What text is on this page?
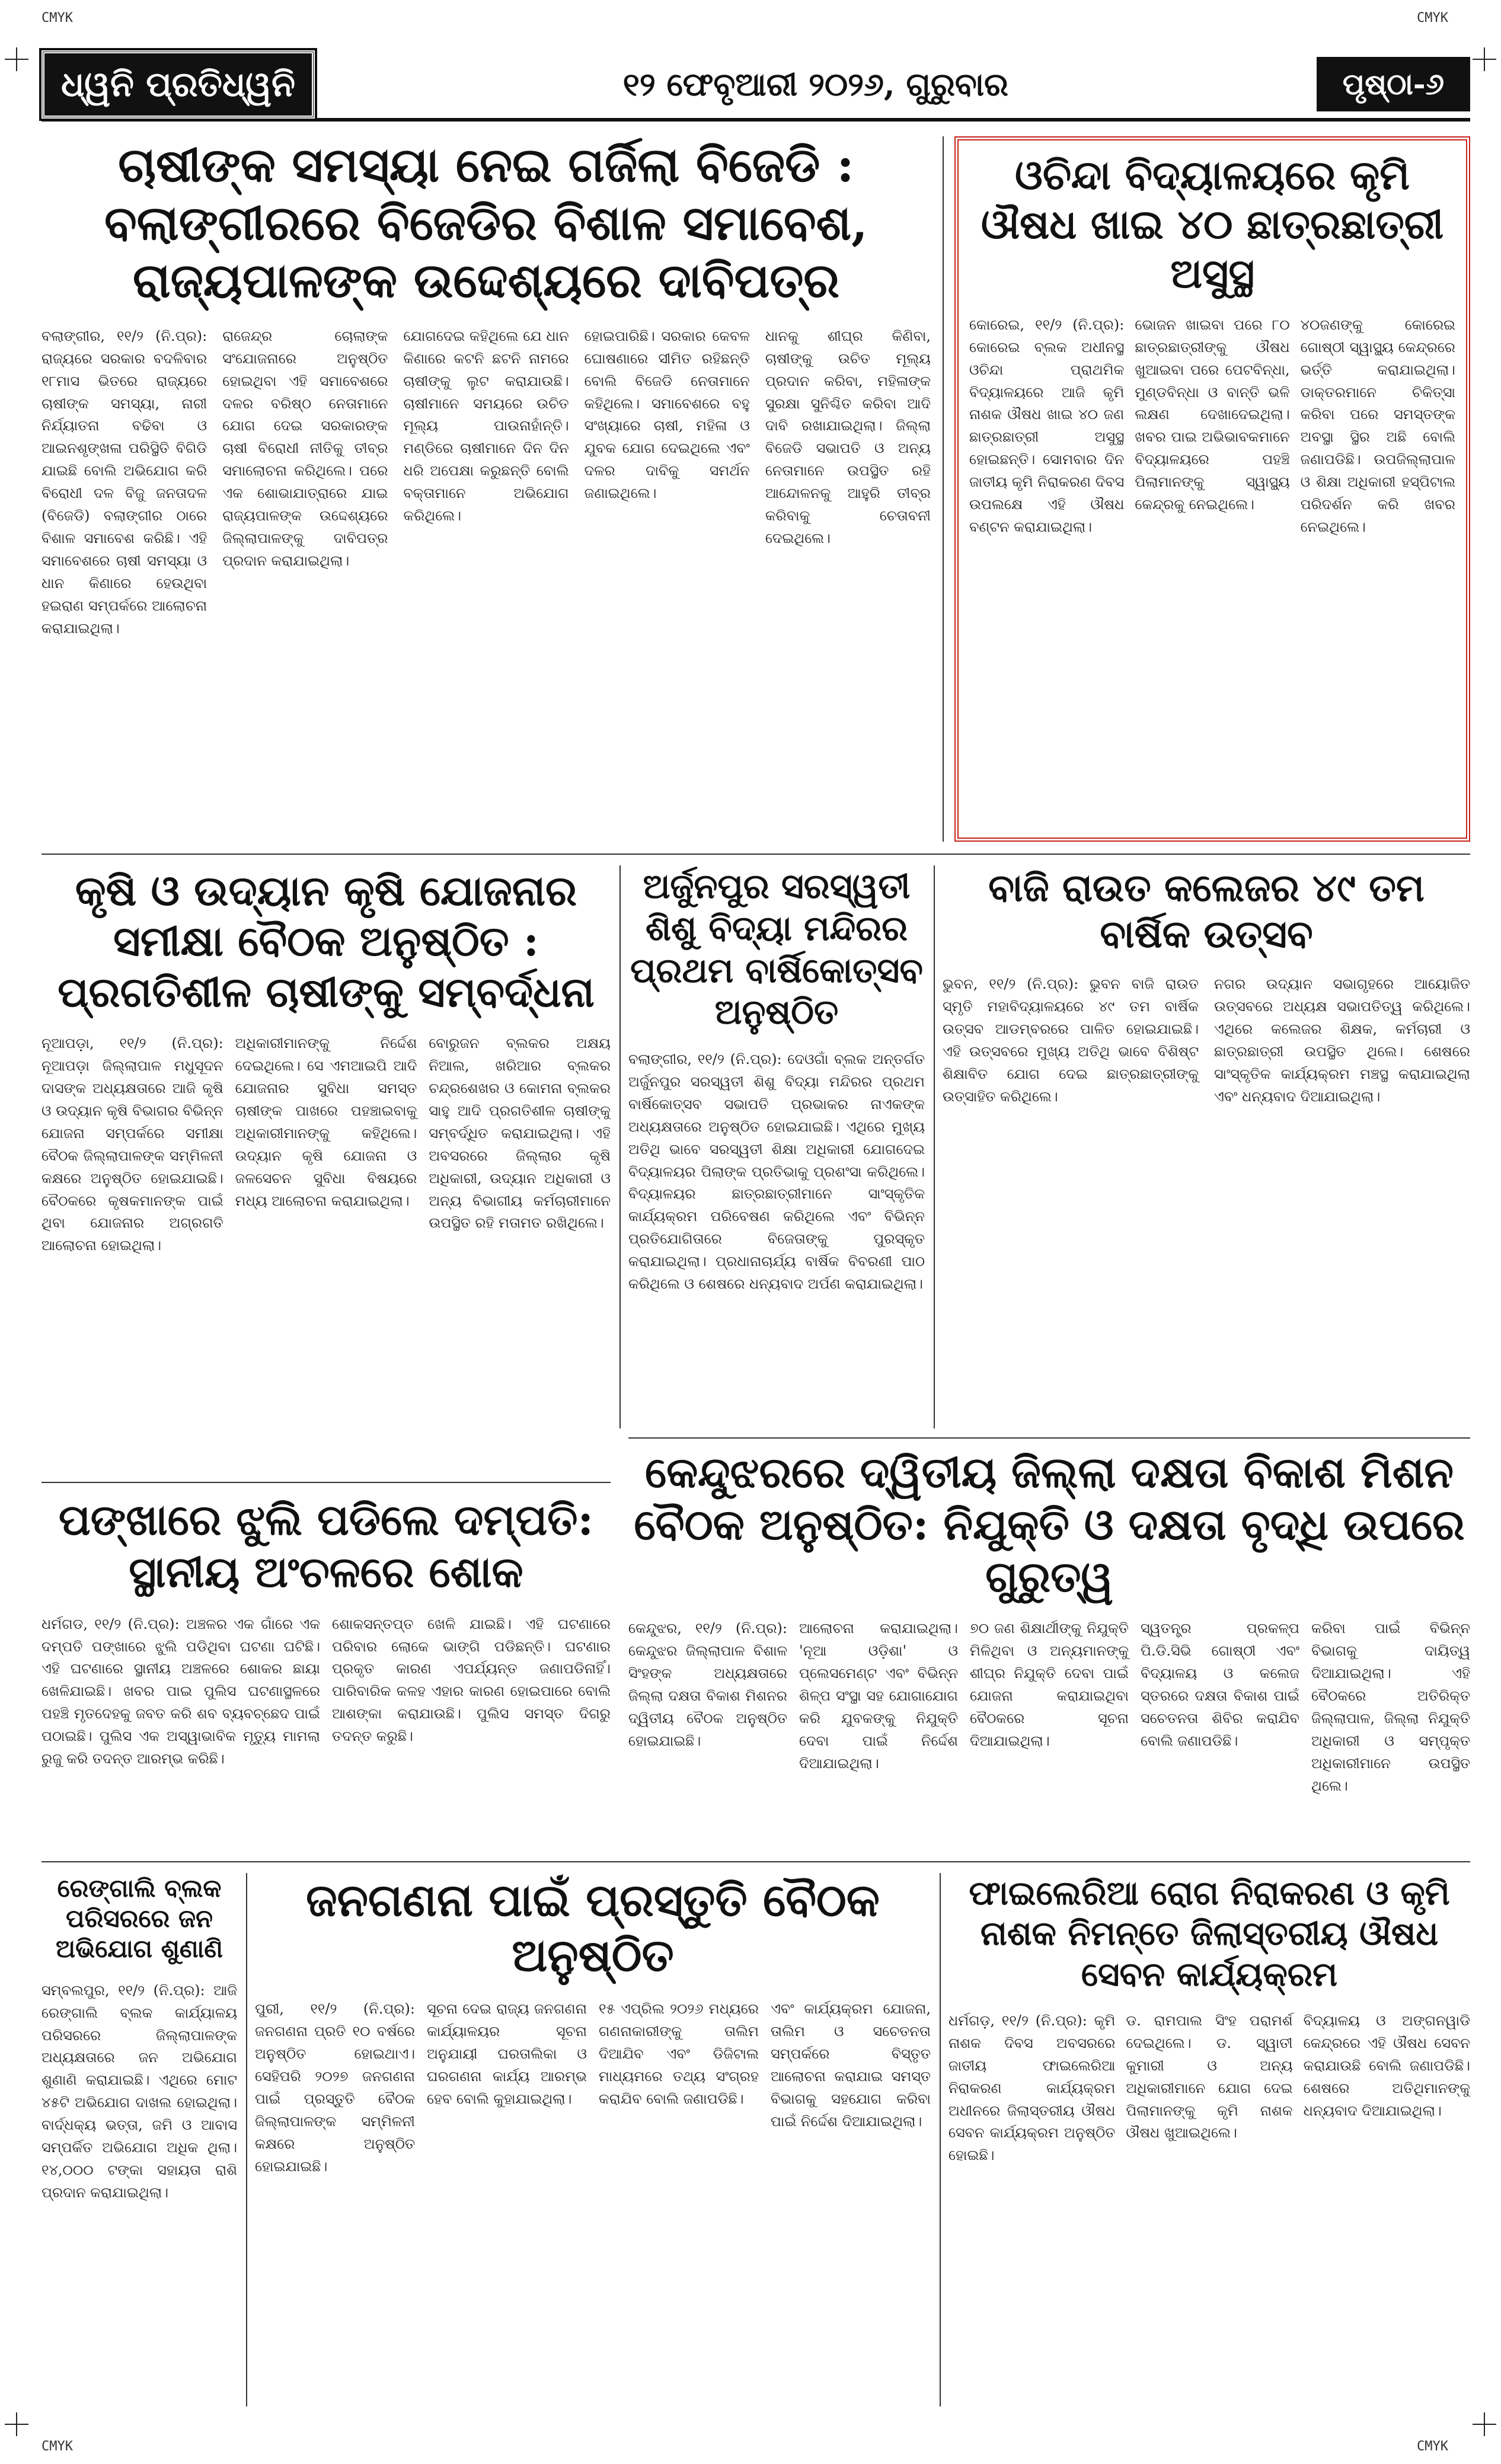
CMYK	CMYK
CMYK	CMYK
ଧ୍ୱନି ପ୍ରତିଧ୍ୱନି	୧୨ ଫେବୃଆରୀ ୨୦୨୬, ଗୁରୁବାର	ପୃଷ୍ଠା-୬
ଚାଷୀଙ୍କ ସମସ୍ୟା ନେଇ ଗର୍ଜିଲା ବିଜେଡି : ବଲାଙ୍ଗୀରରେ ବିଜେଡିର ବିଶାଳ ସମାବେଶ, ରାଜ୍ୟପାଳଙ୍କ ଉଦ୍ଦେଶ୍ୟରେ ଦାବିପତ୍ର
ବଲାଙ୍ଗୀର, ୧୧/୨ (ନି.ପ୍ର): ରାଜ୍ୟରେ ସରକାର ବଦଳିବାର ୧୮ମାସ ଭିତରେ ରାଜ୍ୟରେ ଚାଷୀଙ୍କ ସମସ୍ୟା, ନାରୀ ନିର୍ଯ୍ୟାତନା ବଢିବା ଓ ଆଇନଶୃଙ୍ଖଳା ପରିସ୍ଥିତି ବିଗିଡି ଯାଇଛି ବୋଲି ଅଭିଯୋଗ କରି ବିରୋଧୀ ଦଳ ବିଜୁ ଜନତାଦଳ (ବିଜେଡି) ବଲାଙ୍ଗୀର ଠାରେ ବିଶାଳ ସମାବେଶ କରିଛି। ଏହି ସମାବେଶରେ ଚାଷୀ ସମସ୍ୟା ଓ ଧାନ କିଣାରେ ହେଉଥିବା ହଇରାଣ ସମ୍ପର୍କରେ ଆଲୋଚନା କରାଯାଇଥିଲା।
ରାଜେନ୍ଦ୍ର ଚୋଲାଙ୍କ ସଂଯୋଜନାରେ ଅନୁଷ୍ଠିତ ହୋଇଥିବା ଏହି ସମାବେଶରେ ଦଳର ବରିଷ୍ଠ ନେତାମାନେ ଯୋଗ ଦେଇ ସରକାରଙ୍କ ଚାଷୀ ବିରୋଧୀ ନୀତିକୁ ତୀବ୍ର ସମାଲୋଚନା କରିଥିଲେ। ପରେ ଏକ ଶୋଭାଯାତ୍ରାରେ ଯାଇ ରାଜ୍ୟପାଳଙ୍କ ଉଦ୍ଦେଶ୍ୟରେ ଜିଲ୍ଲାପାଳଙ୍କୁ ଦାବିପତ୍ର ପ୍ରଦାନ କରାଯାଇଥିଲା।
ଯୋଗଦେଇ କହିଥିଲେ ଯେ ଧାନ କିଣାରେ କଟନି ଛଟନି ନାମରେ ଚାଷୀଙ୍କୁ ଲୁଟ କରାଯାଉଛି। ଚାଷୀମାନେ ସମୟରେ ଉଚିତ ମୂଲ୍ୟ ପାଉନାହାଁନ୍ତି। ମଣ୍ଡିରେ ଚାଷୀମାନେ ଦିନ ଦିନ ଧରି ଅପେକ୍ଷା କରୁଛନ୍ତି ବୋଲି ବକ୍ତାମାନେ ଅଭିଯୋଗ କରିଥିଲେ।
ହୋଇପାରିଛି। ସରକାର କେବଳ ଘୋଷଣାରେ ସୀମିତ ରହିଛନ୍ତି ବୋଲି ବିଜେଡି ନେତାମାନେ କହିଥିଲେ। ସମାବେଶରେ ବହୁ ସଂଖ୍ୟାରେ ଚାଷୀ, ମହିଳା ଓ ଯୁବକ ଯୋଗ ଦେଇଥିଲେ ଏବଂ ଦଳର ଦାବିକୁ ସମର୍ଥନ ଜଣାଇଥିଲେ।
ଧାନକୁ ଶୀଘ୍ର କିଣିବା, ଚାଷୀଙ୍କୁ ଉଚିତ ମୂଲ୍ୟ ପ୍ରଦାନ କରିବା, ମହିଳାଙ୍କ ସୁରକ୍ଷା ସୁନିଶ୍ଚିତ କରିବା ଆଦି ଦାବି ରଖାଯାଇଥିଲା। ଜିଲ୍ଲା ବିଜେଡି ସଭାପତି ଓ ଅନ୍ୟ ନେତାମାନେ ଉପସ୍ଥିତ ରହି ଆନ୍ଦୋଳନକୁ ଆହୁରି ତୀବ୍ର କରିବାକୁ ଚେତାବନୀ ଦେଇଥିଲେ।
ଓଚିନ୍ଦା ବିଦ୍ୟାଳୟରେ କୃମି ଔଷଧ ଖାଇ ୪୦ ଛାତ୍ରଛାତ୍ରୀ ଅସୁସ୍ଥ
କୋରେଇ, ୧୧/୨ (ନି.ପ୍ର): କୋରେଇ ବ୍ଲକ ଅଧୀନସ୍ଥ ଓଚିନ୍ଦା ପ୍ରାଥମିକ ବିଦ୍ୟାଳୟରେ ଆଜି କୃମି ନାଶକ ଔଷଧ ଖାଇ ୪୦ ଜଣ ଛାତ୍ରଛାତ୍ରୀ ଅସୁସ୍ଥ ହୋଇଛନ୍ତି। ସୋମବାର ଦିନ ଜାତୀୟ କୃମି ନିରାକରଣ ଦିବସ ଉପଲକ୍ଷେ ଏହି ଔଷଧ ବଣ୍ଟନ କରାଯାଇଥିଲା।
ଭୋଜନ ଖାଇବା ପରେ ୮୦ ଛାତ୍ରଛାତ୍ରୀଙ୍କୁ ଔଷଧ ଖୁଆଇବା ପରେ ପେଟବିନ୍ଧା, ମୁଣ୍ଡବିନ୍ଧା ଓ ବାନ୍ତି ଭଳି ଲକ୍ଷଣ ଦେଖାଦେଇଥିଲା। ଖବର ପାଇ ଅଭିଭାବକମାନେ ବିଦ୍ୟାଳୟରେ ପହଞ୍ଚି ପିଲାମାନଙ୍କୁ ସ୍ୱାସ୍ଥ୍ୟ କେନ୍ଦ୍ରକୁ ନେଇଥିଲେ।
୪୦ଜଣଙ୍କୁ କୋରେଇ ଗୋଷ୍ଠୀ ସ୍ୱାସ୍ଥ୍ୟ କେନ୍ଦ୍ରରେ ଭର୍ତ୍ତି କରାଯାଇଥିଲା। ଡାକ୍ତରମାନେ ଚିକିତ୍ସା କରିବା ପରେ ସମସ୍ତଙ୍କ ଅବସ୍ଥା ସ୍ଥିର ଅଛି ବୋଲି ଜଣାପଡିଛି। ଉପଜିଲ୍ଲାପାଳ ଓ ଶିକ୍ଷା ଅଧିକାରୀ ହସ୍ପିଟାଲ ପରିଦର୍ଶନ କରି ଖବର ନେଇଥିଲେ।
କୃଷି ଓ ଉଦ୍ୟାନ କୃଷି ଯୋଜନାର ସମୀକ୍ଷା ବୈଠକ ଅନୁଷ୍ଠିତ : ପ୍ରଗତିଶୀଳ ଚାଷୀଙ୍କୁ ସମ୍ବର୍ଦ୍ଧନା
ନୂଆପଡ଼ା, ୧୧/୨ (ନି.ପ୍ର): ନୂଆପଡ଼ା ଜିଲ୍ଲାପାଳ ମଧୁସୂଦନ ଦାସଙ୍କ ଅଧ୍ୟକ୍ଷତାରେ ଆଜି କୃଷି ଓ ଉଦ୍ୟାନ କୃଷି ବିଭାଗର ବିଭିନ୍ନ ଯୋଜନା ସମ୍ପର୍କରେ ସମୀକ୍ଷା ବୈଠକ ଜିଲ୍ଲାପାଳଙ୍କ ସମ୍ମିଳନୀ କକ୍ଷରେ ଅନୁଷ୍ଠିତ ହୋଇଯାଇଛି। ବୈଠକରେ କୃଷକମାନଙ୍କ ପାଇଁ ଥିବା ଯୋଜନାର ଅଗ୍ରଗତି ଆଲୋଚନା ହୋଇଥିଲା।
ଅଧିକାରୀମାନଙ୍କୁ ନିର୍ଦ୍ଦେଶ ଦେଇଥିଲେ। ସେ ଏମଆଇପି ଆଦି ଯୋଜନାର ସୁବିଧା ସମସ୍ତ ଚାଷୀଙ୍କ ପାଖରେ ପହଞ୍ଚାଇବାକୁ ଅଧିକାରୀମାନଙ୍କୁ କହିଥିଲେ। ଉଦ୍ୟାନ କୃଷି ଯୋଜନା ଓ ଜଳସେଚନ ସୁବିଧା ବିଷୟରେ ମଧ୍ୟ ଆଲୋଚନା କରାଯାଇଥିଲା।
ବୋରୁଜନ ବ୍ଲକର ଅକ୍ଷୟ ନିଆଲ, ଖରିଆର ବ୍ଲକର ଚନ୍ଦ୍ରଶେଖର ଓ କୋମନା ବ୍ଲକର ସାହୁ ଆଦି ପ୍ରଗତିଶୀଳ ଚାଷୀଙ୍କୁ ସମ୍ବର୍ଦ୍ଧିତ କରାଯାଇଥିଲା। ଏହି ଅବସରରେ ଜିଲ୍ଲାର କୃଷି ଅଧିକାରୀ, ଉଦ୍ୟାନ ଅଧିକାରୀ ଓ ଅନ୍ୟ ବିଭାଗୀୟ କର୍ମଚାରୀମାନେ ଉପସ୍ଥିତ ରହି ମତାମତ ରଖିଥିଲେ।
ଅର୍ଜୁନପୁର ସରସ୍ୱତୀ ଶିଶୁ ବିଦ୍ୟା ମନ୍ଦିରର ପ୍ରଥମ ବାର୍ଷିକୋତ୍ସବ ଅନୁଷ୍ଠିତ
ବଲାଙ୍ଗୀର, ୧୧/୨ (ନି.ପ୍ର): ଦେଓଗାଁ ବ୍ଲକ ଅନ୍ତର୍ଗତ ଅର୍ଜୁନପୁର ସରସ୍ୱତୀ ଶିଶୁ ବିଦ୍ୟା ମନ୍ଦିରର ପ୍ରଥମ ବାର୍ଷିକୋତ୍ସବ ସଭାପତି ପ୍ରଭାକର ନାଏକଙ୍କ ଅଧ୍ୟକ୍ଷତାରେ ଅନୁଷ୍ଠିତ ହୋଇଯାଇଛି। ଏଥିରେ ମୁଖ୍ୟ ଅତିଥି ଭାବେ ସରସ୍ୱତୀ ଶିକ୍ଷା ଅଧିକାରୀ ଯୋଗଦେଇ ବିଦ୍ୟାଳୟର ପିଲାଙ୍କ ପ୍ରତିଭାକୁ ପ୍ରଶଂସା କରିଥିଲେ। ବିଦ୍ୟାଳୟର ଛାତ୍ରଛାତ୍ରୀମାନେ ସାଂସ୍କୃତିକ କାର୍ଯ୍ୟକ୍ରମ ପରିବେଷଣ କରିଥିଲେ ଏବଂ ବିଭିନ୍ନ ପ୍ରତିଯୋଗିତାରେ ବିଜେତାଙ୍କୁ ପୁରସ୍କୃତ କରାଯାଇଥିଲା। ପ୍ରଧାନାଚାର୍ଯ୍ୟ ବାର୍ଷିକ ବିବରଣୀ ପାଠ କରିଥିଲେ ଓ ଶେଷରେ ଧନ୍ୟବାଦ ଅର୍ପଣ କରାଯାଇଥିଲା।
ବାଜି ରାଉତ କଲେଜର ୪୯ ତମ ବାର୍ଷିକ ଉତ୍ସବ
ଭୁବନ, ୧୧/୨ (ନି.ପ୍ର): ଭୁବନ ବାଜି ରାଉତ ସ୍ମୃତି ମହାବିଦ୍ୟାଳୟରେ ୪୯ ତମ ବାର୍ଷିକ ଉତ୍ସବ ଆଡମ୍ବରରେ ପାଳିତ ହୋଇଯାଇଛି। ଏହି ଉତ୍ସବରେ ମୁଖ୍ୟ ଅତିଥି ଭାବେ ବିଶିଷ୍ଟ ଶିକ୍ଷାବିତ ଯୋଗ ଦେଇ ଛାତ୍ରଛାତ୍ରୀଙ୍କୁ ଉତ୍ସାହିତ କରିଥିଲେ।
ନଗର ଉଦ୍ୟାନ ସଭାଗୃହରେ ଆୟୋଜିତ ଉତ୍ସବରେ ଅଧ୍ୟକ୍ଷ ସଭାପତିତ୍ୱ କରିଥିଲେ। ଏଥିରେ କଲେଜର ଶିକ୍ଷକ, କର୍ମଚାରୀ ଓ ଛାତ୍ରଛାତ୍ରୀ ଉପସ୍ଥିତ ଥିଲେ। ଶେଷରେ ସାଂସ୍କୃତିକ କାର୍ଯ୍ୟକ୍ରମ ମଞ୍ଚସ୍ଥ କରାଯାଇଥିଲା ଏବଂ ଧନ୍ୟବାଦ ଦିଆଯାଇଥିଲା।
କେନ୍ଦୁଝରରେ ଦ୍ୱିତୀୟ ଜିଲ୍ଲା ଦକ୍ଷତା ବିକାଶ ମିଶନ ବୈଠକ ଅନୁଷ୍ଠିତ: ନିଯୁକ୍ତି ଓ ଦକ୍ଷତା ବୃଦ୍ଧି ଉପରେ ଗୁରୁତ୍ୱ
କେନ୍ଦୁଝର, ୧୧/୨ (ନି.ପ୍ର): କେନ୍ଦୁଝର ଜିଲ୍ଲାପାଳ ବିଶାଳ ସିଂହଙ୍କ ଅଧ୍ୟକ୍ଷତାରେ ଜିଲ୍ଲା ଦକ୍ଷତା ବିକାଶ ମିଶନର ଦ୍ୱିତୀୟ ବୈଠକ ଅନୁଷ୍ଠିତ ହୋଇଯାଇଛି।
ଆଲୋଚନା କରାଯାଇଥିଲା। 'ନୂଆ ଓଡ଼ିଶା' ଓ ପ୍ଲେସମେଣ୍ଟ ଏବଂ ବିଭିନ୍ନ ଶିଳ୍ପ ସଂସ୍ଥା ସହ ଯୋଗାଯୋଗ କରି ଯୁବକଙ୍କୁ ନିଯୁକ୍ତି ଦେବା ପାଇଁ ନିର୍ଦ୍ଦେଶ ଦିଆଯାଇଥିଲା।
୭୦ ଜଣ ଶିକ୍ଷାର୍ଥୀଙ୍କୁ ନିଯୁକ୍ତି ମିଳିଥିବା ଓ ଅନ୍ୟମାନଙ୍କୁ ଶୀଘ୍ର ନିଯୁକ୍ତି ଦେବା ପାଇଁ ଯୋଜନା କରାଯାଇଥିବା ବୈଠକରେ ସୂଚନା ଦିଆଯାଇଥିଲା।
ସ୍ୱତନ୍ତ୍ର ପ୍ରକଳ୍ପ ପି.ଡି.ସିଭି ଗୋଷ୍ଠୀ ଏବଂ ବିଦ୍ୟାଳୟ ଓ କଲେଜ ସ୍ତରରେ ଦକ୍ଷତା ବିକାଶ ପାଇଁ ସଚେତନତା ଶିବିର କରାଯିବ ବୋଲି ଜଣାପଡିଛି।
କରିବା ପାଇଁ ବିଭିନ୍ନ ବିଭାଗକୁ ଦାୟିତ୍ୱ ଦିଆଯାଇଥିଲା। ଏହି ବୈଠକରେ ଅତିରିକ୍ତ ଜିଲ୍ଲାପାଳ, ଜିଲ୍ଲା ନିଯୁକ୍ତି ଅଧିକାରୀ ଓ ସମ୍ପୃକ୍ତ ଅଧିକାରୀମାନେ ଉପସ୍ଥିତ ଥିଲେ।
ପଙ୍ଖାରେ ଝୁଲି ପଡିଲେ ଦମ୍ପତି: ସ୍ଥାନୀୟ ଅଂଚଳରେ ଶୋକ
ଧର୍ମଗଡ, ୧୧/୨ (ନି.ପ୍ର): ଅଞ୍ଚଳର ଏକ ଗାଁରେ ଏକ ଦମ୍ପତି ପଙ୍ଖାରେ ଝୁଲି ପଡିଥିବା ଘଟଣା ଘଟିଛି। ଏହି ଘଟଣାରେ ସ୍ଥାନୀୟ ଅଞ୍ଚଳରେ ଶୋକର ଛାୟା ଖେଳିଯାଇଛି। ଖବର ପାଇ ପୁଲିସ ଘଟଣାସ୍ଥଳରେ ପହଞ୍ଚି ମୃତଦେହକୁ ଜବତ କରି ଶବ ବ୍ୟବଚ୍ଛେଦ ପାଇଁ ପଠାଇଛି। ପୁଲିସ ଏକ ଅସ୍ୱାଭାବିକ ମୃତ୍ୟୁ ମାମଲା ରୁଜୁ କରି ତଦନ୍ତ ଆରମ୍ଭ କରିଛି।
ଶୋକସନ୍ତପ୍ତ ଖେଳି ଯାଇଛି। ଏହି ଘଟଣାରେ ପରିବାର ଲୋକେ ଭାଙ୍ଗି ପଡିଛନ୍ତି। ଘଟଣାର ପ୍ରକୃତ କାରଣ ଏପର୍ଯ୍ୟନ୍ତ ଜଣାପଡିନାହିଁ। ପାରିବାରିକ କଳହ ଏହାର କାରଣ ହୋଇପାରେ ବୋଲି ଆଶଙ୍କା କରାଯାଉଛି। ପୁଲିସ ସମସ୍ତ ଦିଗରୁ ତଦନ୍ତ କରୁଛି।
ରେଙ୍ଗାଲି ବ୍ଲକ ପରିସରରେ ଜନ ଅଭିଯୋଗ ଶୁଣାଣି
ସମ୍ବଲପୁର, ୧୧/୨ (ନି.ପ୍ର): ଆଜି ରେଙ୍ଗାଲି ବ୍ଲକ କାର୍ଯ୍ୟାଳୟ ପରିସରରେ ଜିଲ୍ଲାପାଳଙ୍କ ଅଧ୍ୟକ୍ଷତାରେ ଜନ ଅଭିଯୋଗ ଶୁଣାଣି କରାଯାଇଛି। ଏଥିରେ ମୋଟ ୪୫ଟି ଅଭିଯୋଗ ଦାଖଲ ହୋଇଥିଲା। ବାର୍ଦ୍ଧକ୍ୟ ଭତ୍ତା, ଜମି ଓ ଆବାସ ସମ୍ପର୍କିତ ଅଭିଯୋଗ ଅଧିକ ଥିଲା। ୧୪,୦୦୦ ଟଙ୍କା ସହାୟତା ରାଶି ପ୍ରଦାନ କରାଯାଇଥିଲା।
ଜନଗଣନା ପାଇଁ ପ୍ରସ୍ତୁତି ବୈଠକ ଅନୁଷ୍ଠିତ
ପୁରୀ, ୧୧/୨ (ନି.ପ୍ର): ଜନଗଣନା ପ୍ରତି ୧୦ ବର୍ଷରେ ଅନୁଷ୍ଠିତ ହୋଇଥାଏ। ସେହିପରି ୨୦୨୭ ଜନଗଣନା ପାଇଁ ପ୍ରସ୍ତୁତି ବୈଠକ ଜିଲ୍ଲାପାଳଙ୍କ ସମ୍ମିଳନୀ କକ୍ଷରେ ଅନୁଷ୍ଠିତ ହୋଇଯାଇଛି।
ସୂଚନା ଦେଇ ରାଜ୍ୟ ଜନଗଣନା କାର୍ଯ୍ୟାଳୟର ସୂଚନା ଅନୁଯାୟୀ ଘରତାଲିକା ଓ ଘରଗଣନା କାର୍ଯ୍ୟ ଆରମ୍ଭ ହେବ ବୋଲି କୁହାଯାଇଥିଲା।
୧୫ ଏପ୍ରିଲ ୨୦୨୬ ମଧ୍ୟରେ ଗଣନାକାରୀଙ୍କୁ ତାଲିମ ଦିଆଯିବ ଏବଂ ଡିଜିଟାଲ ମାଧ୍ୟମରେ ତଥ୍ୟ ସଂଗ୍ରହ କରାଯିବ ବୋଲି ଜଣାପଡିଛି।
ଏବଂ କାର୍ଯ୍ୟକ୍ରମ ଯୋଜନା, ତାଲିମ ଓ ସଚେତନତା ସମ୍ପର୍କରେ ବିସ୍ତୃତ ଆଲୋଚନା କରାଯାଇ ସମସ୍ତ ବିଭାଗକୁ ସହଯୋଗ କରିବା ପାଇଁ ନିର୍ଦ୍ଦେଶ ଦିଆଯାଇଥିଲା।
ଫାଇଲେରିଆ ରୋଗ ନିରାକରଣ ଓ କୃମି ନାଶକ ନିମନ୍ତେ ଜିଲାସ୍ତରୀୟ ଔଷଧ ସେବନ କାର୍ଯ୍ୟକ୍ରମ
ଧର୍ମଗଡ଼, ୧୧/୨ (ନି.ପ୍ର): କୃମି ନାଶକ ଦିବସ ଅବସରରେ ଜାତୀୟ ଫାଇଲେରିଆ ନିରାକରଣ କାର୍ଯ୍ୟକ୍ରମ ଅଧୀନରେ ଜିଲାସ୍ତରୀୟ ଔଷଧ ସେବନ କାର୍ଯ୍ୟକ୍ରମ ଅନୁଷ୍ଠିତ ହୋଇଛି।
ଡ. ରାମପାଲ ସିଂହ ପରାମର୍ଶ ଦେଇଥିଲେ। ଡ. ସ୍ୱାତୀ କୁମାରୀ ଓ ଅନ୍ୟ ଅଧିକାରୀମାନେ ଯୋଗ ଦେଇ ପିଲାମାନଙ୍କୁ କୃମି ନାଶକ ଔଷଧ ଖୁଆଇଥିଲେ।
ବିଦ୍ୟାଳୟ ଓ ଅଙ୍ଗନୱାଡି କେନ୍ଦ୍ରରେ ଏହି ଔଷଧ ସେବନ କରାଯାଉଛି ବୋଲି ଜଣାପଡିଛି। ଶେଷରେ ଅତିଥିମାନଙ୍କୁ ଧନ୍ୟବାଦ ଦିଆଯାଇଥିଲା।
